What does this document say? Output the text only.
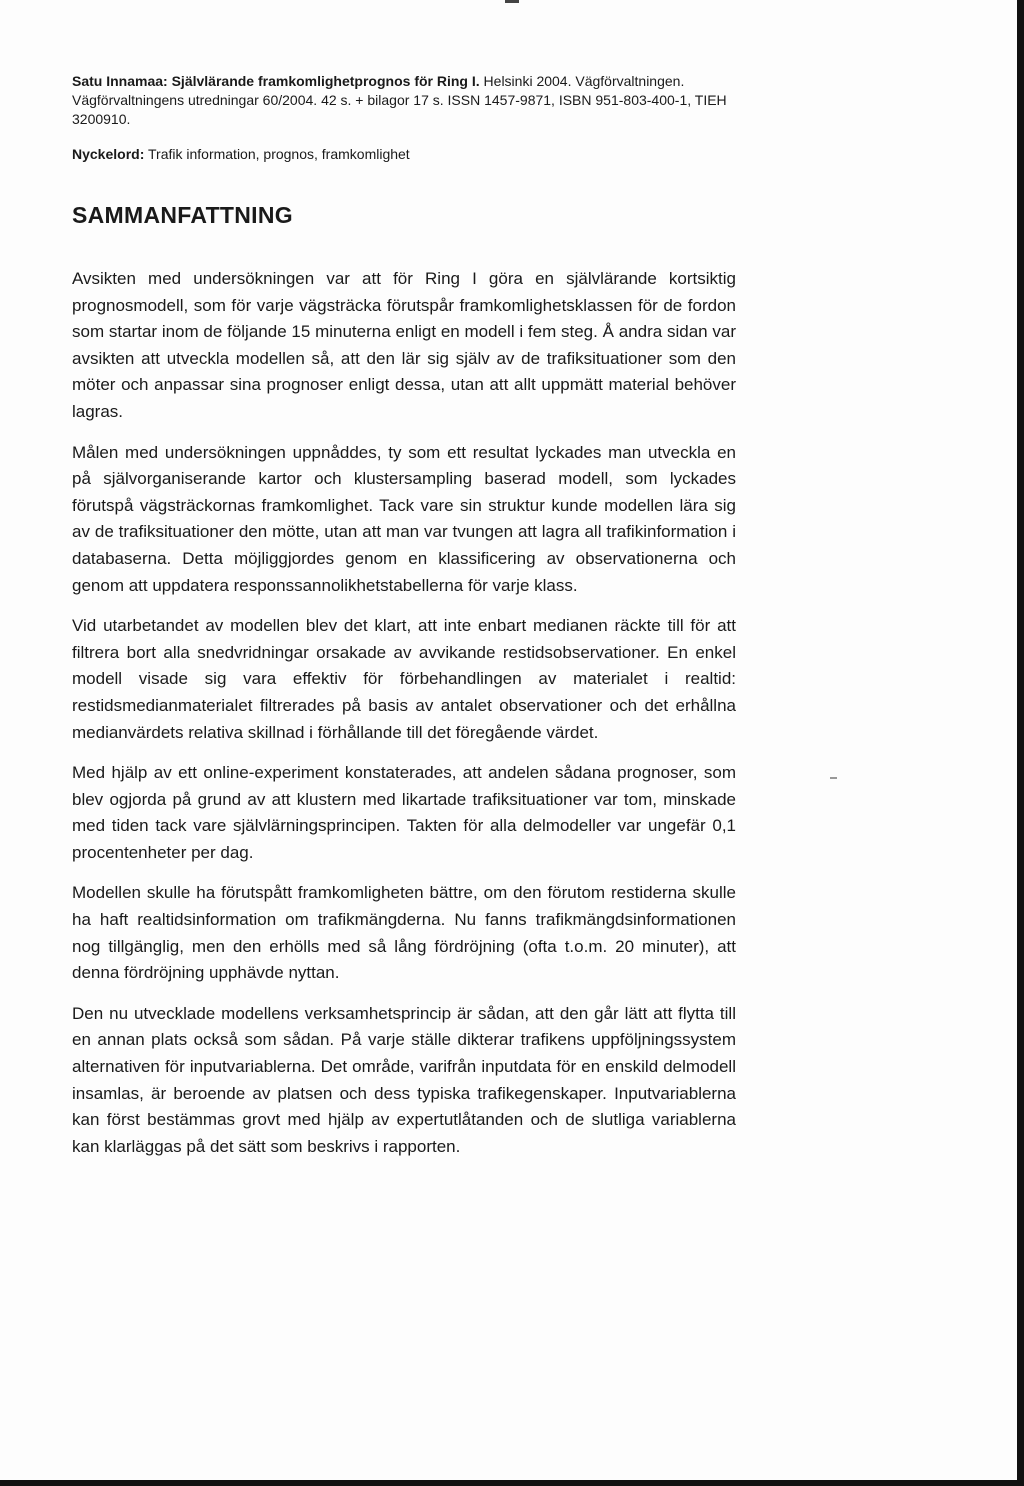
Satu Innamaa: Självlärande framkomlighetprognos för Ring I. Helsinki 2004. Vägförvaltningen. Vägförvaltningens utredningar 60/2004. 42 s. + bilagor 17 s. ISSN 1457-9871, ISBN 951-803-400-1, TIEH 3200910.

Nyckelord: Trafik information, prognos, framkomlighet

SAMMANFATTNING

Avsikten med undersökningen var att för Ring I göra en självlärande kortsiktig prognosmodell, som för varje vägsträcka förutspår framkomlighetsklassen för de fordon som startar inom de följande 15 minuterna enligt en modell i fem steg. Å andra sidan var avsikten att utveckla modellen så, att den lär sig själv av de trafiksituationer som den möter och anpassar sina prognoser enligt dessa, utan att allt uppmätt material behöver lagras.

Målen med undersökningen uppnåddes, ty som ett resultat lyckades man utveckla en på självorganiserande kartor och klustersampling baserad modell, som lyckades förutspå vägsträckornas framkomlighet. Tack vare sin struktur kunde modellen lära sig av de trafiksituationer den mötte, utan att man var tvungen att lagra all trafikinformation i databaserna. Detta möjliggjordes genom en klassificering av observationerna och genom att uppdatera responssannolikhetstabellerna för varje klass.

Vid utarbetandet av modellen blev det klart, att inte enbart medianen räckte till för att filtrera bort alla snedvridningar orsakade av avvikande restidsobservationer. En enkel modell visade sig vara effektiv för förbehandlingen av materialet i realtid: restidsmedianmaterialet filtrerades på basis av antalet observationer och det erhållna medianvärdets relativa skillnad i förhållande till det föregående värdet.

Med hjälp av ett online-experiment konstaterades, att andelen sådana prognoser, som blev ogjorda på grund av att klustern med likartade trafiksituationer var tom, minskade med tiden tack vare självlärningsprincipen. Takten för alla delmodeller var ungefär 0,1 procentenheter per dag.

Modellen skulle ha förutspått framkomligheten bättre, om den förutom restiderna skulle ha haft realtidsinformation om trafikmängderna. Nu fanns trafikmängdsinformationen nog tillgänglig, men den erhölls med så lång fördröjning (ofta t.o.m. 20 minuter), att denna fördröjning upphävde nyttan.

Den nu utvecklade modellens verksamhetsprincip är sådan, att den går lätt att flytta till en annan plats också som sådan. På varje ställe dikterar trafikens uppföljningssystem alternativen för inputvariablerna. Det område, varifrån inputdata för en enskild delmodell insamlas, är beroende av platsen och dess typiska trafikegenskaper. Inputvariablerna kan först bestämmas grovt med hjälp av expertutlåtanden och de slutliga variablerna kan klarläggas på det sätt som beskrivs i rapporten.
